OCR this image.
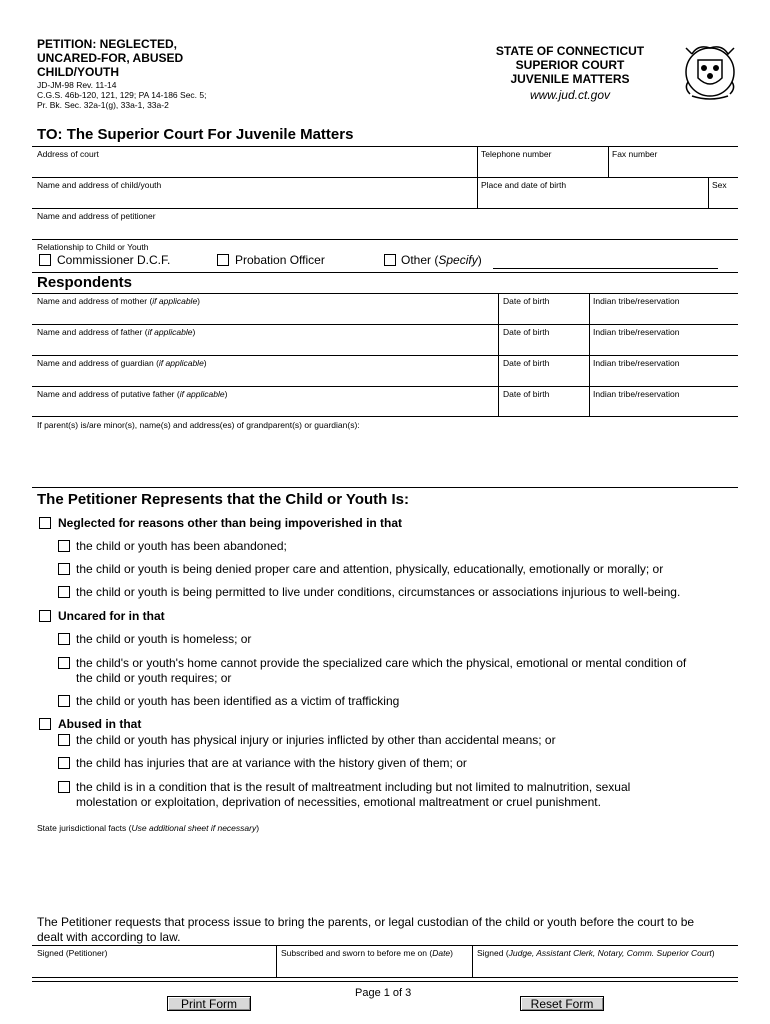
PETITION: NEGLECTED,
UNCARED-FOR, ABUSED
CHILD/YOUTH
JD-JM-98 Rev. 11-14
C.G.S. 46b-120, 121, 129; PA 14-186 Sec. 5;
Pr. Bk. Sec. 32a-1(g), 33a-1, 33a-2
STATE OF CONNECTICUT
SUPERIOR COURT
JUVENILE MATTERS
www.jud.ct.gov
TO: The Superior Court For Juvenile Matters
Address of court	Telephone number	Fax number
Name and address of child/youth	Place and date of birth	Sex
Name and address of petitioner
Relationship to Child or Youth
Commissioner D.C.F.	Probation Officer	Other (Specify)
Respondents
Name and address of mother (if applicable)	Date of birth	Indian tribe/reservation
Name and address of father (if applicable)	Date of birth	Indian tribe/reservation
Name and address of guardian (if applicable)	Date of birth	Indian tribe/reservation
Name and address of putative father (if applicable)	Date of birth	Indian tribe/reservation
If parent(s) is/are minor(s), name(s) and address(es) of grandparent(s) or guardian(s):
The Petitioner Represents that the Child or Youth Is:
Neglected for reasons other than being impoverished in that
the child or youth has been abandoned;
the child or youth is being denied proper care and attention, physically, educationally, emotionally or morally; or
the child or youth is being permitted to live under conditions, circumstances or associations injurious to well-being.
Uncared for in that
the child or youth is homeless; or
the child's or youth's home cannot provide the specialized care which the physical, emotional or mental condition of
the child or youth requires; or
the child or youth has been identified as a victim of trafficking
Abused in that
the child or youth has physical injury or injuries inflicted by other than accidental means; or
the child has injuries that are at variance with the history given of them; or
the child is in a condition that is the result of maltreatment including but not limited to malnutrition, sexual
molestation or exploitation, deprivation of necessities, emotional maltreatment or cruel punishment.
State jurisdictional facts (Use additional sheet if necessary)
The Petitioner requests that process issue to bring the parents, or legal custodian of the child or youth before the court to be
dealt with according to law.
Signed (Petitioner)	Subscribed and sworn to before me on (Date)	Signed (Judge, Assistant Clerk, Notary, Comm. Superior Court)
Page 1 of 3
Print Form	Reset Form
